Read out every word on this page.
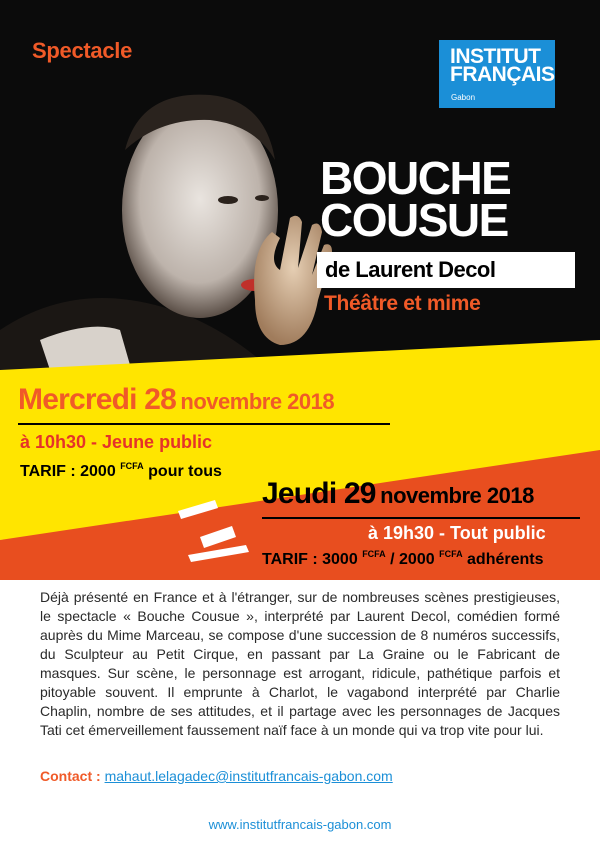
Spectacle	INSTITUT
FRANÇAIS
Gabon
BOUCHE
COUSUE
de Laurent Decol
Théâtre et mime
Mercredi 28 novembre 2018
à 10h30 - Jeune public
TARIF : 2000 $^{FCFA}$ pour tous
Jeudi 29 novembre 2018
à 19h30 - Tout public
TARIF : 3000 $^{FCFA}$ / 2000 $^{FCFA}$ adhérents
Déjà présenté en France et à l'étranger, sur de nombreuses scènes prestigieuses, le spectacle « Bouche Cousue », interprété par Laurent Decol, comédien formé auprès du Mime Marceau, se compose d'une succession de 8 numéros successifs, du Sculpteur au Petit Cirque, en passant par La Graine ou le Fabricant de masques. Sur scène, le personnage est arrogant, ridicule, pathétique parfois et pitoyable souvent. Il emprunte à Charlot, le vagabond interprété par Charlie Chaplin, nombre de ses attitudes, et il partage avec les personnages de Jacques Tati cet émerveillement faussement naïf face à un monde qui va trop vite pour lui.
Contact : mahaut.lelagadec@institutfrancais-gabon.com
www.institutfrancais-gabon.com
